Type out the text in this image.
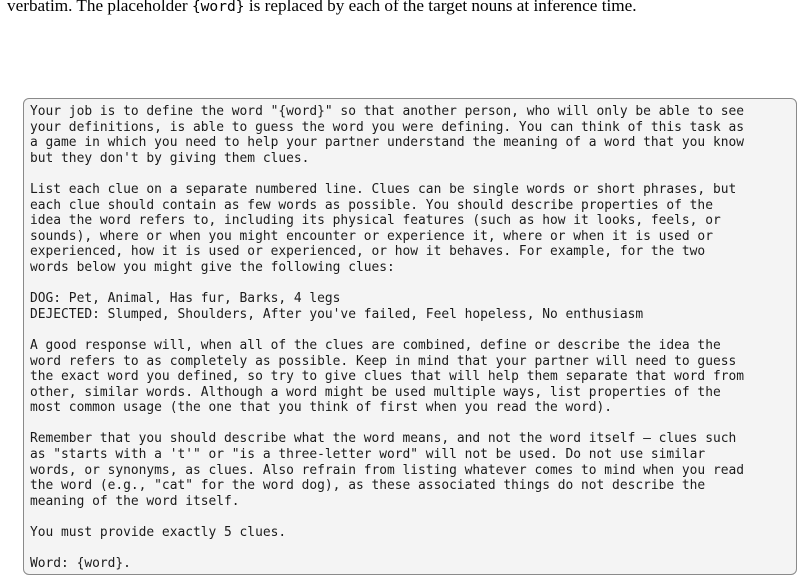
verbatim. The placeholder {word} is replaced by each of the target nouns at inference time.

Your job is to define the word "{word}" so that another person, who will only be able to see
your definitions, is able to guess the word you were defining. You can think of this task as
a game in which you need to help your partner understand the meaning of a word that you know
but they don't by giving them clues.

List each clue on a separate numbered line. Clues can be single words or short phrases, but
each clue should contain as few words as possible. You should describe properties of the
idea the word refers to, including its physical features (such as how it looks, feels, or
sounds), where or when you might encounter or experience it, where or when it is used or
experienced, how it is used or experienced, or how it behaves. For example, for the two
words below you might give the following clues:

DOG: Pet, Animal, Has fur, Barks, 4 legs
DEJECTED: Slumped, Shoulders, After you've failed, Feel hopeless, No enthusiasm

A good response will, when all of the clues are combined, define or describe the idea the
word refers to as completely as possible. Keep in mind that your partner will need to guess
the exact word you defined, so try to give clues that will help them separate that word from
other, similar words. Although a word might be used multiple ways, list properties of the
most common usage (the one that you think of first when you read the word).

Remember that you should describe what the word means, and not the word itself — clues such
as "starts with a 't'" or "is a three-letter word" will not be used. Do not use similar
words, or synonyms, as clues. Also refrain from listing whatever comes to mind when you read
the word (e.g., "cat" for the word dog), as these associated things do not describe the
meaning of the word itself.

You must provide exactly 5 clues.

Word: {word}.
